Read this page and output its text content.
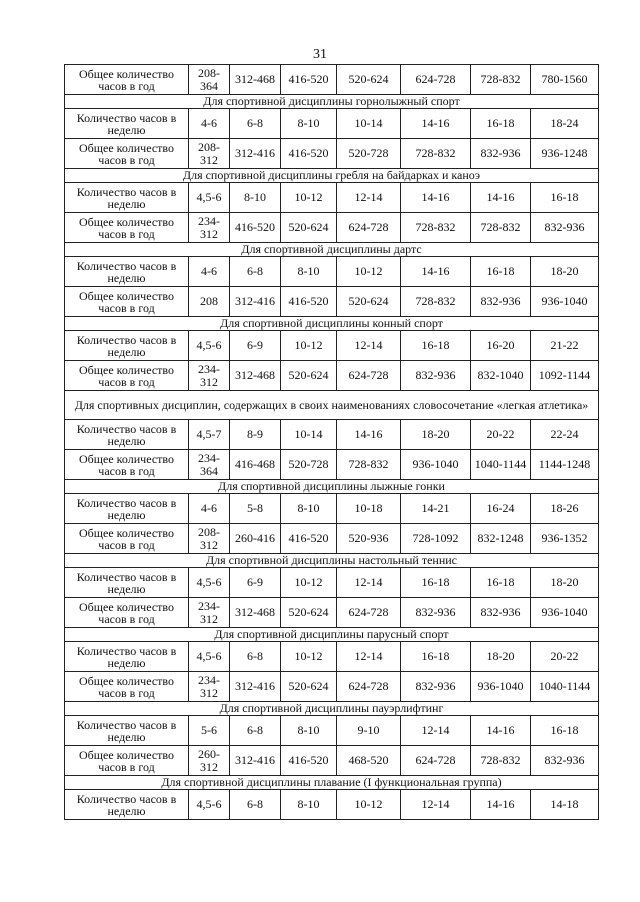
31
Общее количество часов в год	208-364	312-468	416-520	520-624	624-728	728-832	780-1560
Для спортивной дисциплины горнолыжный спорт							
Количество часов в неделю	4-6	6-8	8-10	10-14	14-16	16-18	18-24
Общее количество часов в год	208-312	312-416	416-520	520-728	728-832	832-936	936-1248
Для спортивной дисциплины гребля на байдарках и каноэ							
Количество часов в неделю	4,5-6	8-10	10-12	12-14	14-16	14-16	16-18
Общее количество часов в год	234-312	416-520	520-624	624-728	728-832	728-832	832-936
Для спортивной дисциплины дартс							
Количество часов в неделю	4-6	6-8	8-10	10-12	14-16	16-18	18-20
Общее количество часов в год	208	312-416	416-520	520-624	728-832	832-936	936-1040
Для спортивной дисциплины конный спорт							
Количество часов в неделю	4,5-6	6-9	10-12	12-14	16-18	16-20	21-22
Общее количество часов в год	234-312	312-468	520-624	624-728	832-936	832-1040	1092-1144
Для спортивных дисциплин, содержащих в своих наименованиях словосочетание «легкая атлетика»							
Количество часов в неделю	4,5-7	8-9	10-14	14-16	18-20	20-22	22-24
Общее количество часов в год	234-364	416-468	520-728	728-832	936-1040	1040-1144	1144-1248
Для спортивной дисциплины лыжные гонки							
Количество часов в неделю	4-6	5-8	8-10	10-18	14-21	16-24	18-26
Общее количество часов в год	208-312	260-416	416-520	520-936	728-1092	832-1248	936-1352
Для спортивной дисциплины настольный теннис							
Количество часов в неделю	4,5-6	6-9	10-12	12-14	16-18	16-18	18-20
Общее количество часов в год	234-312	312-468	520-624	624-728	832-936	832-936	936-1040
Для спортивной дисциплины парусный спорт							
Количество часов в неделю	4,5-6	6-8	10-12	12-14	16-18	18-20	20-22
Общее количество часов в год	234-312	312-416	520-624	624-728	832-936	936-1040	1040-1144
Для спортивной дисциплины пауэрлифтинг							
Количество часов в неделю	5-6	6-8	8-10	9-10	12-14	14-16	16-18
Общее количество часов в год	260-312	312-416	416-520	468-520	624-728	728-832	832-936
Для спортивной дисциплины плавание (I функциональная группа)							
Количество часов в неделю	4,5-6	6-8	8-10	10-12	12-14	14-16	14-18
